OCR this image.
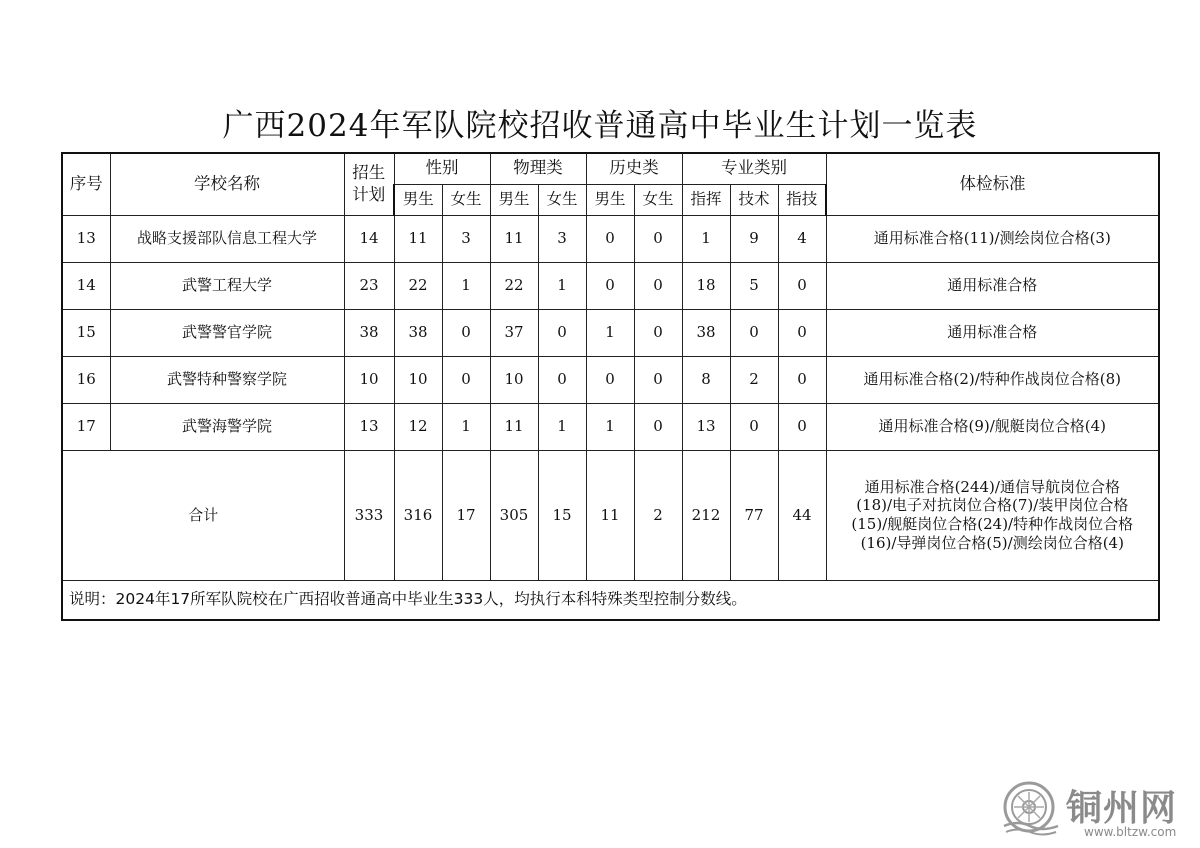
广西2024年军队院校招收普通高中毕业生计划一览表
序号	学校名称	招生计划	性别		物理类		历史类		专业类别			体检标准
			男生	女生	男生	女生	男生	女生	指挥	技术	指技	
13	战略支援部队信息工程大学	14	11	3	11	3	0	0	1	9	4	通用标准合格(11)/测绘岗位合格(3)
14	武警工程大学	23	22	1	22	1	0	0	18	5	0	通用标准合格
15	武警警官学院	38	38	0	37	0	1	0	38	0	0	通用标准合格
16	武警特种警察学院	10	10	0	10	0	0	0	8	2	0	通用标准合格(2)/特种作战岗位合格(8)
17	武警海警学院	13	12	1	11	1	1	0	13	0	0	通用标准合格(9)/舰艇岗位合格(4)
合计		333	316	17	305	15	11	2	212	77	44	通用标准合格(244)/通信导航岗位合格
(18)/电子对抗岗位合格(7)/装甲岗位合格
(15)/舰艇岗位合格(24)/特种作战岗位合格
(16)/导弹岗位合格(5)/测绘岗位合格(4)

说明：2024年17所军队院校在广西招收普通高中毕业生333人，均执行本科特殊类型控制分数线。												
铜州网
www.bltzw.com
